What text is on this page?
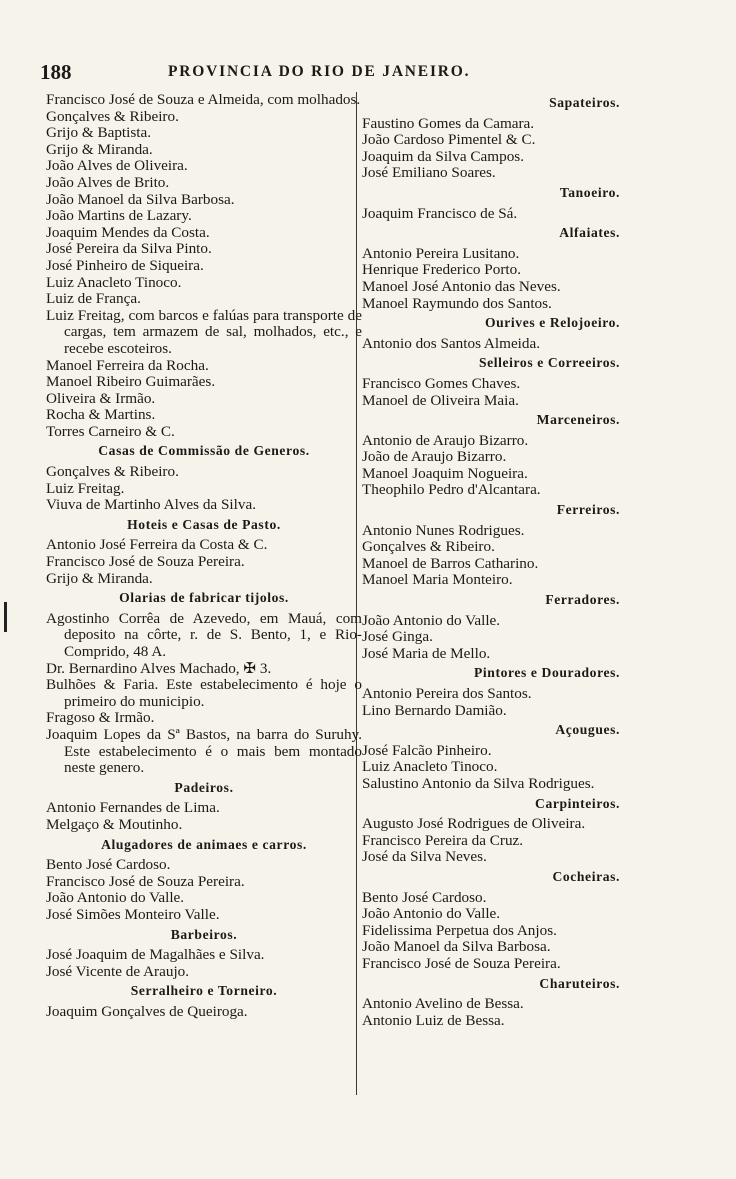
188	PROVINCIA DO RIO DE JANEIRO.
Francisco José de Souza e Almeida, com molhados.
Gonçalves & Ribeiro.
Grijo & Baptista.
Grijo & Miranda.
João Alves de Oliveira.
João Alves de Brito.
João Manoel da Silva Barbosa.
João Martins de Lazary.
Joaquim Mendes da Costa.
José Pereira da Silva Pinto.
José Pinheiro de Siqueira.
Luiz Anacleto Tinoco.
Luiz de França.
Luiz Freitag, com barcos e falúas para transporte de cargas, tem armazem de sal, molhados, etc., e recebe escoteiros.
Manoel Ferreira da Rocha.
Manoel Ribeiro Guimarães.
Oliveira & Irmão.
Rocha & Martins.
Torres Carneiro & C.
Casas de Commissão de Generos.
Gonçalves & Ribeiro.
Luiz Freitag.
Viuva de Martinho Alves da Silva.
Hoteis e Casas de Pasto.
Antonio José Ferreira da Costa & C.
Francisco José de Souza Pereira.
Grijo & Miranda.
Olarias de fabricar tijolos.
Agostinho Corrêa de Azevedo, em Mauá, com deposito na côrte, r. de S. Bento, 1, e Rio-Comprido, 48 A.
Dr. Bernardino Alves Machado, ✠ 3.
Bulhões & Faria. Este estabelecimento é hoje o primeiro do municipio.
Fragoso & Irmão.
Joaquim Lopes da Sª Bastos, na barra do Suruhy. Este estabelecimento é o mais bem montado neste genero.
Padeiros.
Antonio Fernandes de Lima.
Melgaço & Moutinho.
Alugadores de animaes e carros.
Bento José Cardoso.
Francisco José de Souza Pereira.
João Antonio do Valle.
José Simões Monteiro Valle.
Barbeiros.
José Joaquim de Magalhães e Silva.
José Vicente de Araujo.
Serralheiro e Torneiro.
Joaquim Gonçalves de Queiroga.
Sapateiros.
Faustino Gomes da Camara.
João Cardoso Pimentel & C.
Joaquim da Silva Campos.
José Emiliano Soares.
Tanoeiro.
Joaquim Francisco de Sá.
Alfaiates.
Antonio Pereira Lusitano.
Henrique Frederico Porto.
Manoel José Antonio das Neves.
Manoel Raymundo dos Santos.
Ourives e Relojoeiro.
Antonio dos Santos Almeida.
Selleiros e Correeiros.
Francisco Gomes Chaves.
Manoel de Oliveira Maia.
Marceneiros.
Antonio de Araujo Bizarro.
João de Araujo Bizarro.
Manoel Joaquim Nogueira.
Theophilo Pedro d'Alcantara.
Ferreiros.
Antonio Nunes Rodrigues.
Gonçalves & Ribeiro.
Manoel de Barros Catharino.
Manoel Maria Monteiro.
Ferradores.
João Antonio do Valle.
José Ginga.
José Maria de Mello.
Pintores e Douradores.
Antonio Pereira dos Santos.
Lino Bernardo Damião.
Açougues.
José Falcão Pinheiro.
Luiz Anacleto Tinoco.
Salustino Antonio da Silva Rodrigues.
Carpinteiros.
Augusto José Rodrigues de Oliveira.
Francisco Pereira da Cruz.
José da Silva Neves.
Cocheiras.
Bento José Cardoso.
João Antonio do Valle.
Fidelissima Perpetua dos Anjos.
João Manoel da Silva Barbosa.
Francisco José de Souza Pereira.
Charuteiros.
Antonio Avelino de Bessa.
Antonio Luiz de Bessa.
